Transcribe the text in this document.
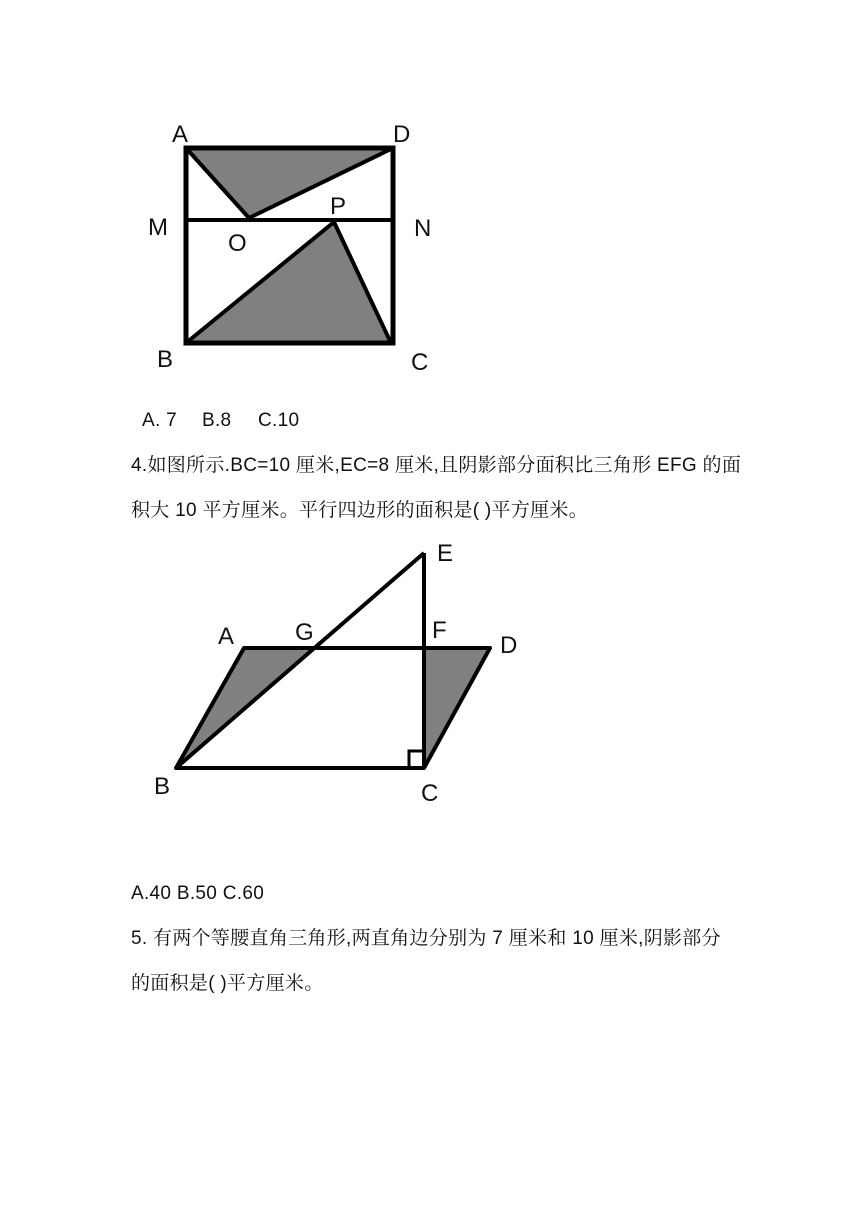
A	D
M
O
P
N
B	C
A. 7 B.8 C.10
4.如图所示.BC=10 厘米,EC=8 厘米,且阴影部分面积比三角形 EFG 的面
积大 10 平方厘米。平行四边形的面积是( )平方厘米。
E
A	G	F
D
B	C
A.40 B.50 C.60
5. 有两个等腰直角三角形,两直角边分别为 7 厘米和 10 厘米,阴影部分
的面积是( )平方厘米。
